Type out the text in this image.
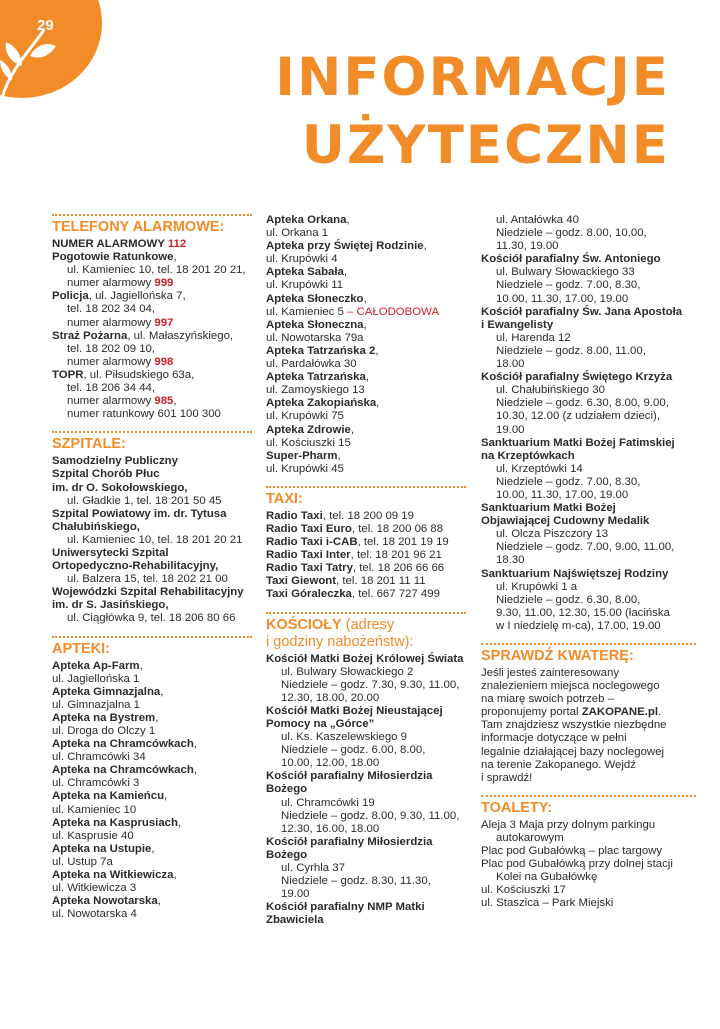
29
INFORMACJE
UŻYTECZNE
TELEFONY ALARMOWE:
NUMER ALARMOWY 112
Pogotowie Ratunkowe,
ul. Kamieniec 10, tel. 18 201 20 21,
numer alarmowy 999
Policja, ul. Jagiellońska 7,
tel. 18 202 34 04,
numer alarmowy 997
Straż Pożarna, ul. Małaszyńskiego,
tel. 18 202 09 10,
numer alarmowy 998
TOPR, ul. Piłsudskiego 63a,
tel. 18 206 34 44,
numer alarmowy 985,
numer ratunkowy 601 100 300
SZPITALE:
Samodzielny Publiczny
Szpital Chorób Płuc
im. dr O. Sokołowskiego,
ul. Gładkie 1, tel. 18 201 50 45
Szpital Powiatowy im. dr. Tytusa
Chałubińskiego,
ul. Kamieniec 10, tel. 18 201 20 21
Uniwersytecki Szpital
Ortopedyczno-Rehabilitacyjny,
ul. Balzera 15, tel. 18 202 21 00
Wojewódzki Szpital Rehabilitacyjny
im. dr S. Jasińskiego,
ul. Ciągłówka 9, tel. 18 206 80 66
APTEKI:
Apteka Ap-Farm,
ul. Jagiellońska 1
Apteka Gimnazjalna,
ul. Gimnazjalna 1
Apteka na Bystrem,
ul. Droga do Olczy 1
Apteka na Chramcówkach,
ul. Chramcówki 34
Apteka na Chramcówkach,
ul. Chramcówki 3
Apteka na Kamieńcu,
ul. Kamieniec 10
Apteka na Kasprusiach,
ul. Kasprusie 40
Apteka na Ustupie,
ul. Ustup 7a
Apteka na Witkiewicza,
ul. Witkiewicza 3
Apteka Nowotarska,
ul. Nowotarska 4
Apteka Orkana,
ul. Orkana 1
Apteka przy Świętej Rodzinie,
ul. Krupówki 4
Apteka Sabała,
ul. Krupówki 11
Apteka Słoneczko,
ul. Kamieniec 5 – CAŁODOBOWA
Apteka Słoneczna,
ul. Nowotarska 79a
Apteka Tatrzańska 2,
ul. Pardałówka 30
Apteka Tatrzańska,
ul. Zamoyskiego 13
Apteka Zakopiańska,
ul. Krupówki 75
Apteka Zdrowie,
ul. Kościuszki 15
Super-Pharm,
ul. Krupówki 45
TAXI:
Radio Taxi, tel. 18 200 09 19
Radio Taxi Euro, tel. 18 200 06 88
Radio Taxi i-CAB, tel. 18 201 19 19
Radio Taxi Inter, tel. 18 201 96 21
Radio Taxi Tatry, tel. 18 206 66 66
Taxi Giewont, tel. 18 201 11 11
Taxi Góraleczka, tel. 667 727 499
KOŚCIOŁY (adresy
i godziny nabożeństw):
Kościół Matki Bożej Królowej Świata
ul. Bulwary Słowackiego 2
Niedziele – godz. 7.30, 9.30, 11.00,
12.30, 18.00, 20.00
Kościół Matki Bożej Nieustającej
Pomocy na „Górce”
ul. Ks. Kaszelewskiego 9
Niedziele – godz. 6.00, 8.00,
10.00, 12.00, 18.00
Kościół parafialny Miłosierdzia
Bożego
ul. Chramcówki 19
Niedziele – godz. 8.00, 9.30, 11.00,
12.30, 16.00, 18.00
Kościół parafialny Miłosierdzia
Bożego
ul. Cyrhla 37
Niedziele – godz. 8.30, 11.30,
19.00
Kościół parafialny NMP Matki
Zbawiciela
ul. Antałówka 40
Niedziele – godz. 8.00, 10.00,
11.30, 19.00
Kościół parafialny Św. Antoniego
ul. Bulwary Słowackiego 33
Niedziele – godz. 7.00, 8.30,
10.00, 11.30, 17.00, 19.00
Kościół parafialny Św. Jana Apostoła
i Ewangelisty
ul. Harenda 12
Niedziele – godz. 8.00, 11.00,
18.00
Kościół parafialny Świętego Krzyża
ul. Chałubińskiego 30
Niedziele – godz. 6.30, 8.00, 9.00,
10.30, 12.00 (z udziałem dzieci),
19.00
Sanktuarium Matki Bożej Fatimskiej
na Krzeptówkach
ul. Krzeptówki 14
Niedziele – godz. 7.00, 8.30,
10.00, 11.30, 17.00, 19.00
Sanktuarium Matki Bożej
Objawiającej Cudowny Medalik
ul. Olcza Piszczory 13
Niedziele – godz. 7.00, 9.00, 11.00,
18.30
Sanktuarium Najświętszej Rodziny
ul. Krupówki 1 a
Niedziele – godz. 6.30, 8.00,
9.30, 11.00, 12.30, 15.00 (łacińska
w I niedzielę m-ca), 17.00, 19.00
SPRAWDŹ KWATERĘ:
Jeśli jesteś zainteresowany
znalezieniem miejsca noclegowego
na miarę swoich potrzeb –
proponujemy portal ZAKOPANE.pl.
Tam znajdziesz wszystkie niezbędne
informacje dotyczące w pełni
legalnie działającej bazy noclegowej
na terenie Zakopanego. Wejdź
i sprawdź!
TOALETY:
Aleja 3 Maja przy dolnym parkingu
autokarowym
Plac pod Gubałówką – plac targowy
Plac pod Gubałówką przy dolnej stacji
Kolei na Gubałówkę
ul. Kościuszki 17
ul. Staszica – Park Miejski
